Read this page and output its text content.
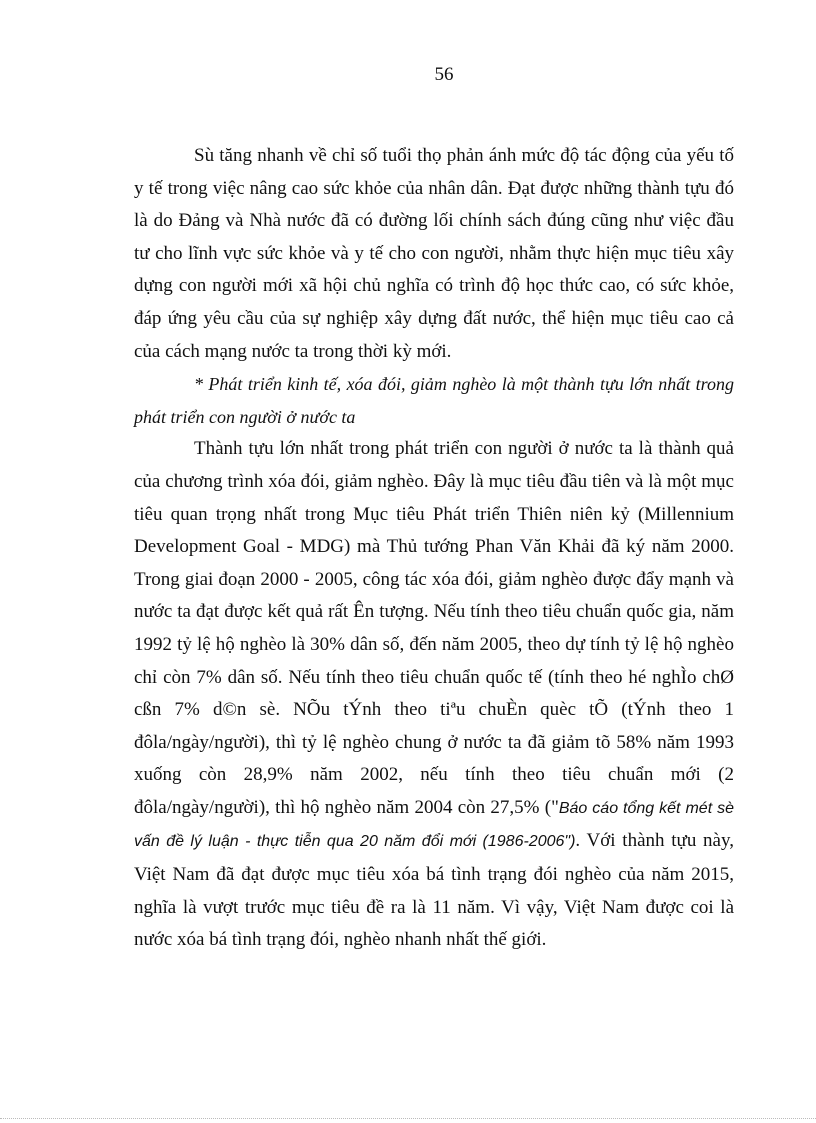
56

Sù tăng nhanh về chỉ số tuổi thọ phản ánh mức độ tác động của yếu tố y tế trong việc nâng cao sức khỏe của nhân dân. Đạt được những thành tựu đó là do Đảng và Nhà nước đã có đường lối chính sách đúng cũng như việc đầu tư cho lĩnh vực sức khỏe và y tế cho con người, nhằm thực hiện mục tiêu xây dựng con người mới xã hội chủ nghĩa có trình độ học thức cao, có sức khỏe, đáp ứng yêu cầu của sự nghiệp xây dựng đất nước, thể hiện mục tiêu cao cả của cách mạng nước ta trong thời kỳ mới.

* Phát triển kinh tế, xóa đói, giảm nghèo là một thành tựu lớn nhất trong phát triển con người ở nước ta

Thành tựu lớn nhất trong phát triển con người ở nước ta là thành quả của chương trình xóa đói, giảm nghèo. Đây là mục tiêu đầu tiên và là một mục tiêu quan trọng nhất trong Mục tiêu Phát triển Thiên niên kỷ (Millennium Development Goal - MDG) mà Thủ tướng Phan Văn Khải đã ký năm 2000. Trong giai đoạn 2000 - 2005, công tác xóa đói, giảm nghèo được đẩy mạnh và nước ta đạt được kết quả rất Ên tượng. Nếu tính theo tiêu chuẩn quốc gia, năm 1992 tỷ lệ hộ nghèo là 30% dân số, đến năm 2005, theo dự tính tỷ lệ hộ nghèo chỉ còn 7% dân số. Nếu tính theo tiêu chuẩn quốc tế (tính theo hé nghÌo chØ cßn 7% d©n sè. NÕu tÝnh theo tiªu chuÈn quèc tÕ (tÝnh theo 1 đôla/ngày/người), thì tỷ lệ nghèo chung ở nước ta đã giảm tõ 58% năm 1993 xuống còn 28,9% năm 2002, nếu tính theo tiêu chuẩn mới (2 đôla/ngày/người), thì hộ nghèo năm 2004 còn 27,5% ("Báo cáo tổng kết mét sè vấn đề lý luận - thực tiễn qua 20 năm đổi mới (1986-2006"). Với thành tựu này, Việt Nam đã đạt được mục tiêu xóa bá tình trạng đói nghèo của năm 2015, nghĩa là vượt trước mục tiêu đề ra là 11 năm. Vì vậy, Việt Nam được coi là nước xóa bá tình trạng đói, nghèo nhanh nhất thế giới.
